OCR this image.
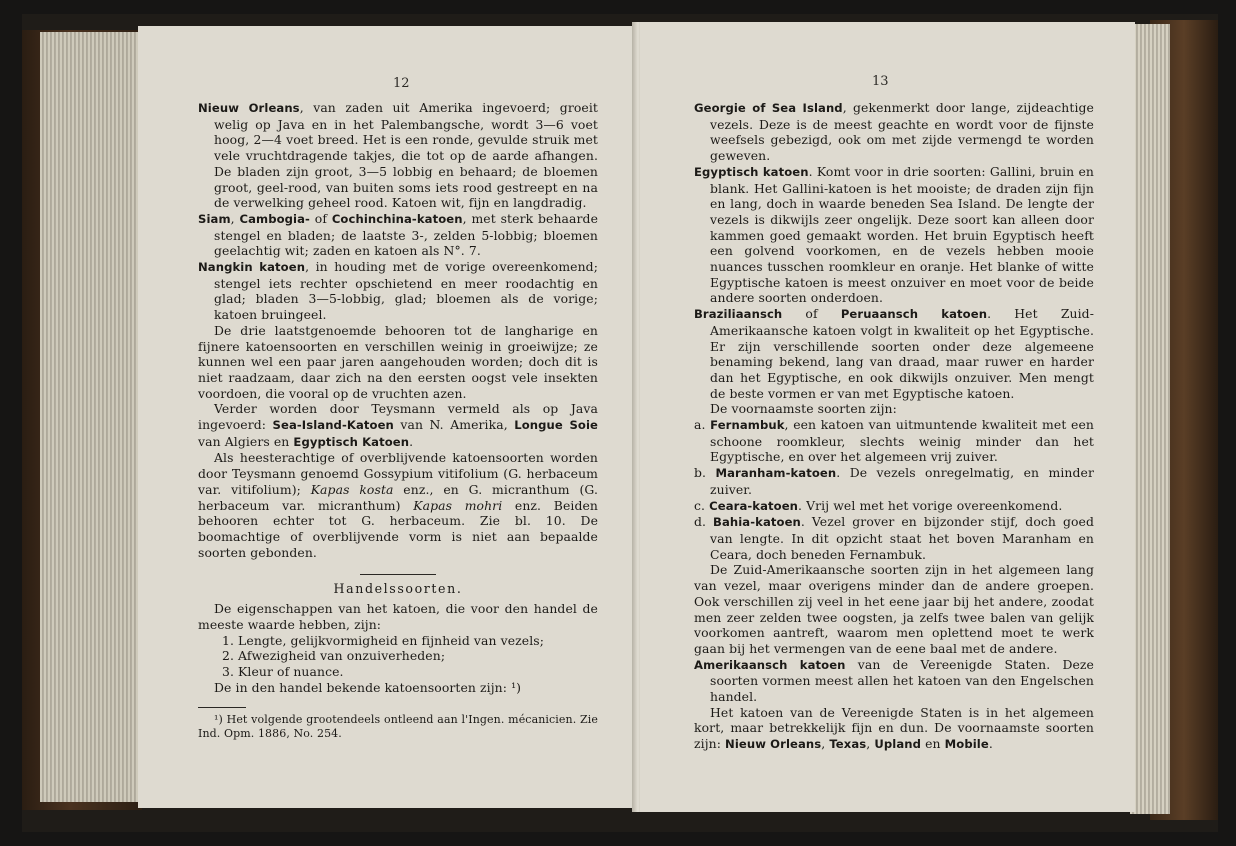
12

Nieuw Orleans, van zaden uit Amerika ingevoerd; groeit welig op Java en in het Palembangsche, wordt 3—6 voet hoog, 2—4 voet breed. Het is een ronde, gevulde struik met vele vruchtdragende takjes, die tot op de aarde afhangen. De bladen zijn groot, 3—5 lobbig en behaard; de bloemen groot, geel-rood, van buiten soms iets rood gestreept en na de verwelking geheel rood. Katoen wit, fijn en langdradig.

Siam, Cambogia- of Cochinchina-katoen, met sterk behaarde stengel en bladen; de laatste 3-, zelden 5-lobbig; bloemen geelachtig wit; zaden en katoen als N°. 7.

Nangkin katoen, in houding met de vorige overeenkomend; stengel iets rechter opschietend en meer roodachtig en glad; bladen 3—5-lobbig, glad; bloemen als de vorige; katoen bruingeel.

De drie laatstgenoemde behooren tot de langharige en fijnere katoensoorten en verschillen weinig in groeiwijze; ze kunnen wel een paar jaren aangehouden worden; doch dit is niet raadzaam, daar zich na den eersten oogst vele insekten voordoen, die vooral op de vruchten azen.

Verder worden door Teysmann vermeld als op Java ingevoerd: Sea-Island-Katoen van N. Amerika, Longue Soie van Algiers en Egyptisch Katoen.

Als heesterachtige of overblijvende katoensoorten worden door Teysmann genoemd Gossypium vitifolium (G. herbaceum var. vitifolium); Kapas kosta enz., en G. micranthum (G. herbaceum var. micranthum) Kapas mohri enz. Beiden behooren echter tot G. herbaceum. Zie bl. 10. De boomachtige of overblijvende vorm is niet aan bepaalde soorten gebonden.

Handelssoorten.

De eigenschappen van het katoen, die voor den handel de meeste waarde hebben, zijn:

1. Lengte, gelijkvormigheid en fijnheid van vezels;

2. Afwezigheid van onzuiverheden;

3. Kleur of nuance.

De in den handel bekende katoensoorten zijn: ¹)

¹) Het volgende grootendeels ontleend aan l'Ingen. mécanicien. Zie Ind. Opm. 1886, No. 254.

13

Georgie of Sea Island, gekenmerkt door lange, zijdeachtige vezels. Deze is de meest geachte en wordt voor de fijnste weefsels gebezigd, ook om met zijde vermengd te worden geweven.

Egyptisch katoen. Komt voor in drie soorten: Gallini, bruin en blank. Het Gallini-katoen is het mooiste; de draden zijn fijn en lang, doch in waarde beneden Sea Island. De lengte der vezels is dikwijls zeer ongelijk. Deze soort kan alleen door kammen goed gemaakt worden. Het bruin Egyptisch heeft een golvend voorkomen, en de vezels hebben mooie nuances tusschen roomkleur en oranje. Het blanke of witte Egyptische katoen is meest onzuiver en moet voor de beide andere soorten onderdoen.

Braziliaansch of Peruaansch katoen. Het Zuid-Amerikaansche katoen volgt in kwaliteit op het Egyptische. Er zijn verschillende soorten onder deze algemeene benaming bekend, lang van draad, maar ruwer en harder dan het Egyptische, en ook dikwijls onzuiver. Men mengt de beste vormen er van met Egyptische katoen.

De voornaamste soorten zijn:

a. Fernambuk, een katoen van uitmuntende kwaliteit met een schoone roomkleur, slechts weinig minder dan het Egyptische, en over het algemeen vrij zuiver.

b. Maranham-katoen. De vezels onregelmatig, en minder zuiver.

c. Ceara-katoen. Vrij wel met het vorige overeenkomend.

d. Bahia-katoen. Vezel grover en bijzonder stijf, doch goed van lengte. In dit opzicht staat het boven Maranham en Ceara, doch beneden Fernambuk.

De Zuid-Amerikaansche soorten zijn in het algemeen lang van vezel, maar overigens minder dan de andere groepen. Ook verschillen zij veel in het eene jaar bij het andere, zoodat men zeer zelden twee oogsten, ja zelfs twee balen van gelijk voorkomen aantreft, waarom men oplettend moet te werk gaan bij het vermengen van de eene baal met de andere.

Amerikaansch katoen van de Vereenigde Staten. Deze soorten vormen meest allen het katoen van den Engelschen handel.

Het katoen van de Vereenigde Staten is in het algemeen kort, maar betrekkelijk fijn en dun. De voornaamste soorten zijn: Nieuw Orleans, Texas, Upland en Mobile.
